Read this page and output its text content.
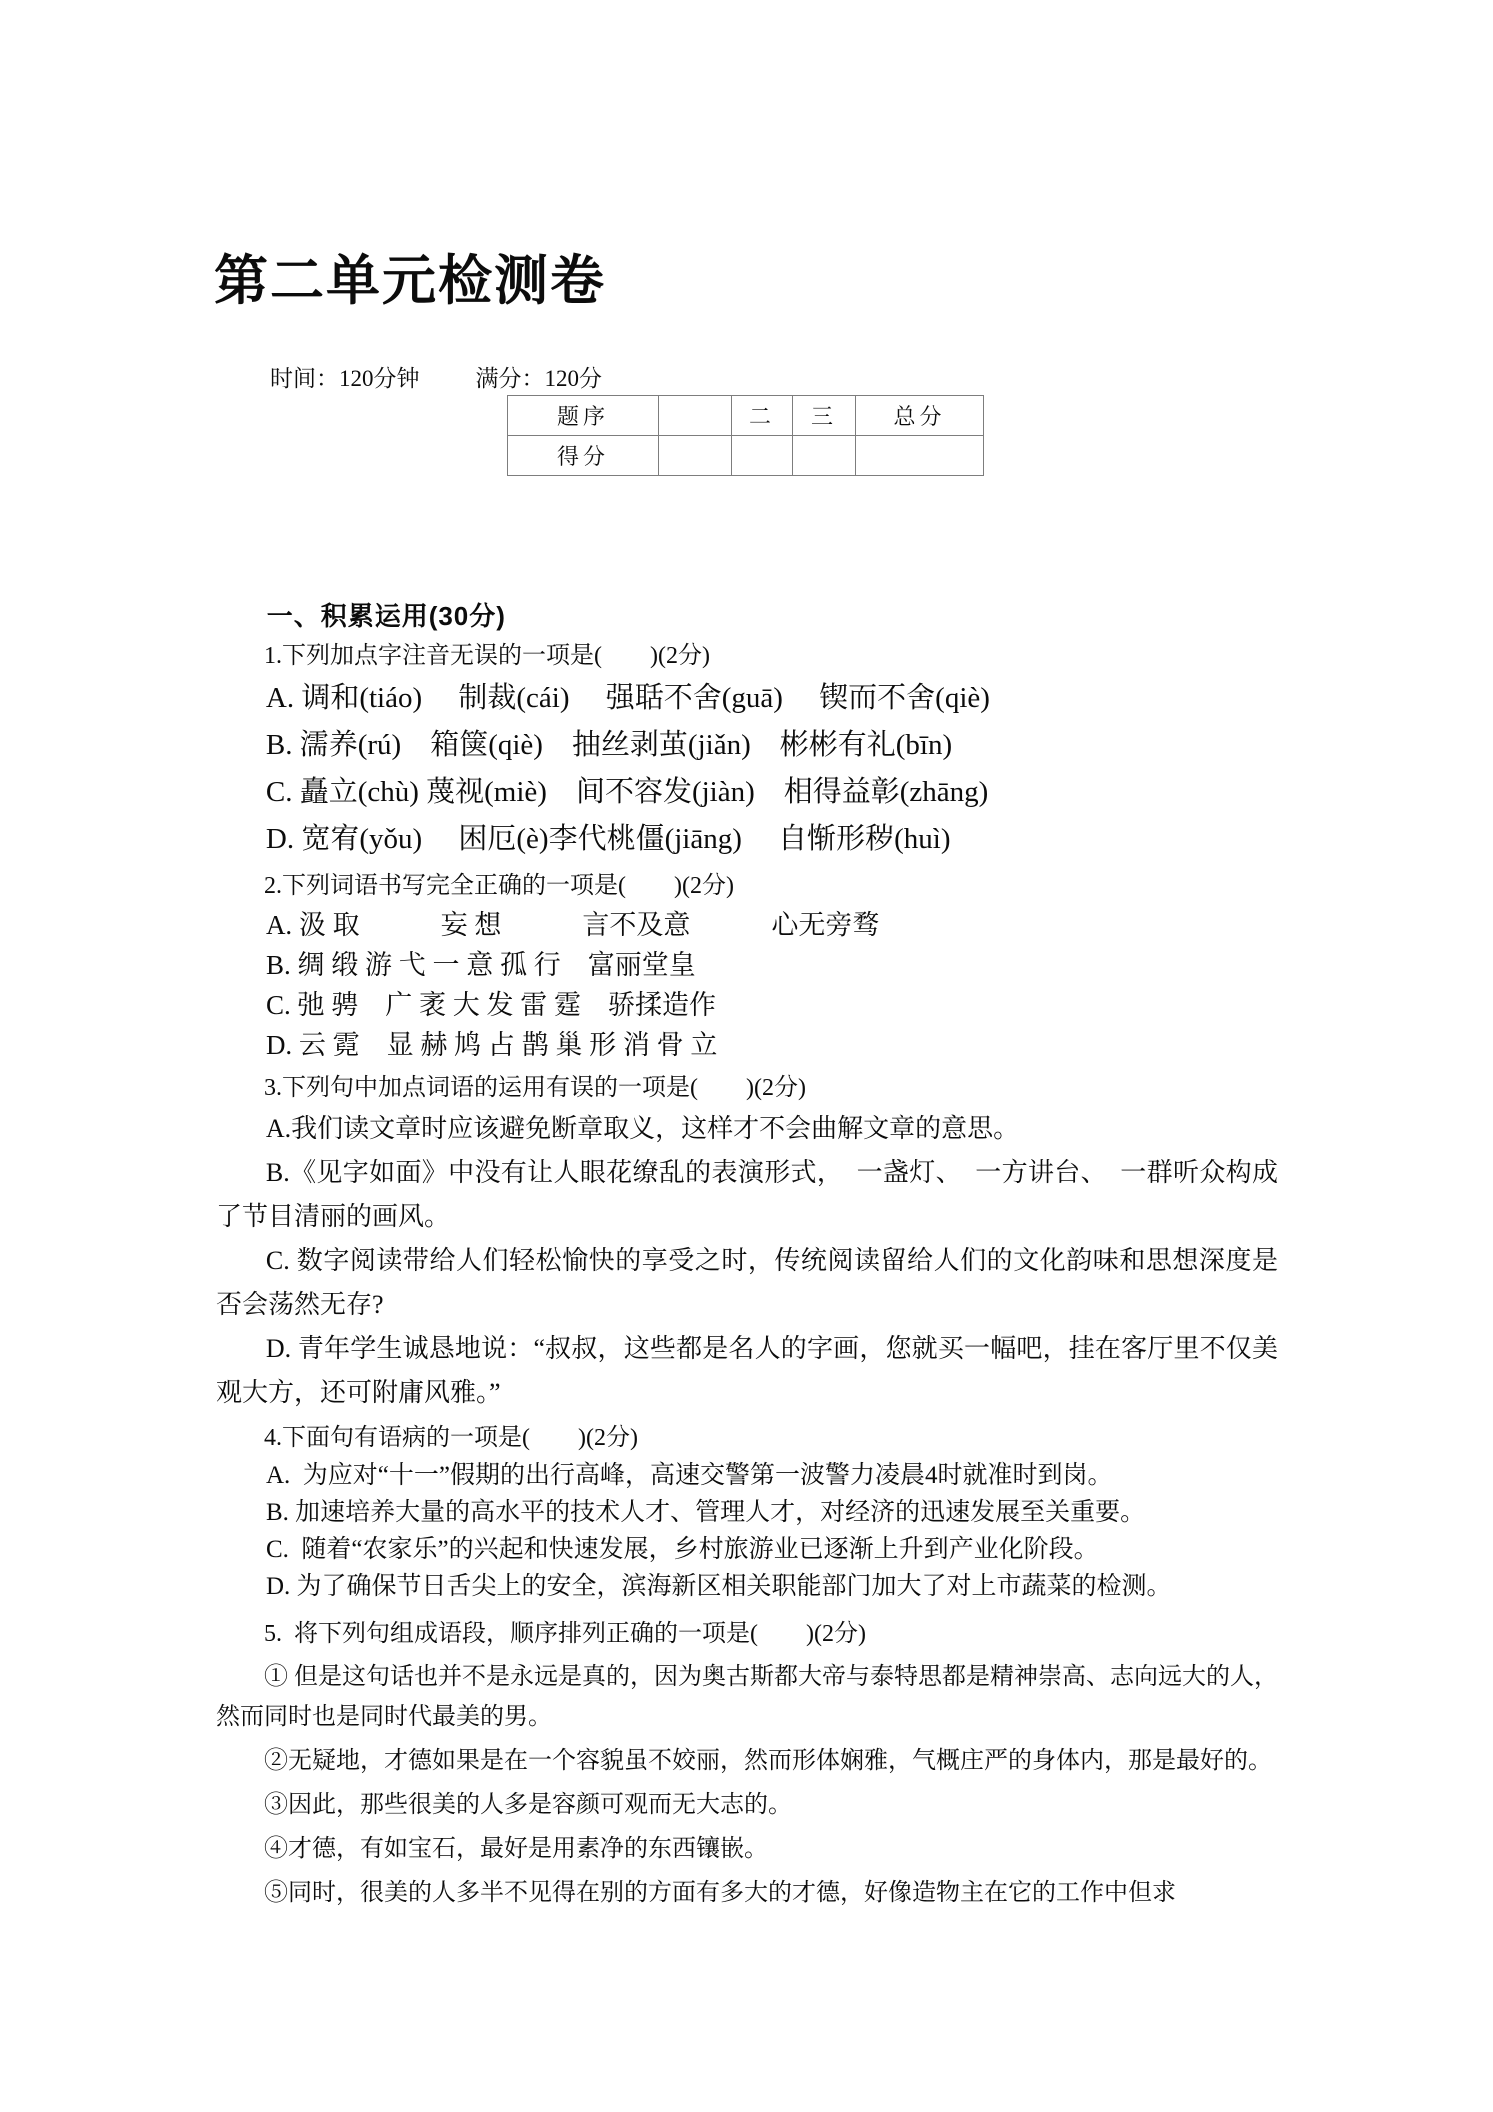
第二单元检测卷
时间：120分钟 满分：120分
题序		二	三	总分
得分				

一、积累运用(30分)

1.下列加点字注音无误的一项是(　　)(2分)

A. 调和(tiáo)　 制裁(cái)　 强聒不舍(guā)　 锲而不舍(qiè)

B. 濡养(rú)　箱箧(qiè)　抽丝剥茧(jiǎn)　彬彬有礼(bīn)

C. 矗立(chù) 蔑视(miè)　间不容发(jiàn)　相得益彰(zhāng)

D. 宽宥(yǒu)　 困厄(è)李代桃僵(jiāng)　 自惭形秽(huì)

2.下列词语书写完全正确的一项是(　　)(2分)

A. 汲 取　　　妄 想　　　言不及意　　　心无旁骛

B. 绸 缎 游 弋 一 意 孤 行　富丽堂皇

C. 弛 骋　广 袤 大 发 雷 霆　骄揉造作

D. 云 霓　显 赫 鸠 占 鹊 巢 形 消 骨 立

3.下列句中加点词语的运用有误的一项是(　　)(2分)

A.我们读文章时应该避免断章取义，这样才不会曲解文章的意思。

B.《见字如面》中没有让人眼花缭乱的表演形式，　一盏灯、　一方讲台、　一群听众构成了节目清丽的画风。

C. 数字阅读带给人们轻松愉快的享受之时，传统阅读留给人们的文化韵味和思想深度是否会荡然无存?

D. 青年学生诚恳地说：“叔叔，这些都是名人的字画，您就买一幅吧，挂在客厅里不仅美观大方，还可附庸风雅。”

4.下面句有语病的一项是(　　)(2分)

A.  为应对“十一”假期的出行高峰，高速交警第一波警力凌晨4时就准时到岗。

B. 加速培养大量的高水平的技术人才、管理人才，对经济的迅速发展至关重要。

C.  随着“农家乐”的兴起和快速发展，乡村旅游业已逐渐上升到产业化阶段。

D. 为了确保节日舌尖上的安全，滨海新区相关职能部门加大了对上市蔬菜的检测。

5.  将下列句组成语段，顺序排列正确的一项是(　　)(2分)

① 但是这句话也并不是永远是真的，因为奥古斯都大帝与泰特思都是精神崇高、志向远大的人，然而同时也是同时代最美的男。

②无疑地，才德如果是在一个容貌虽不姣丽，然而形体娴雅，气概庄严的身体内，那是最好的。

③因此，那些很美的人多是容颜可观而无大志的。

④才德，有如宝石，最好是用素净的东西镶嵌。

⑤同时，很美的人多半不见得在别的方面有多大的才德，好像造物主在它的工作中但求
